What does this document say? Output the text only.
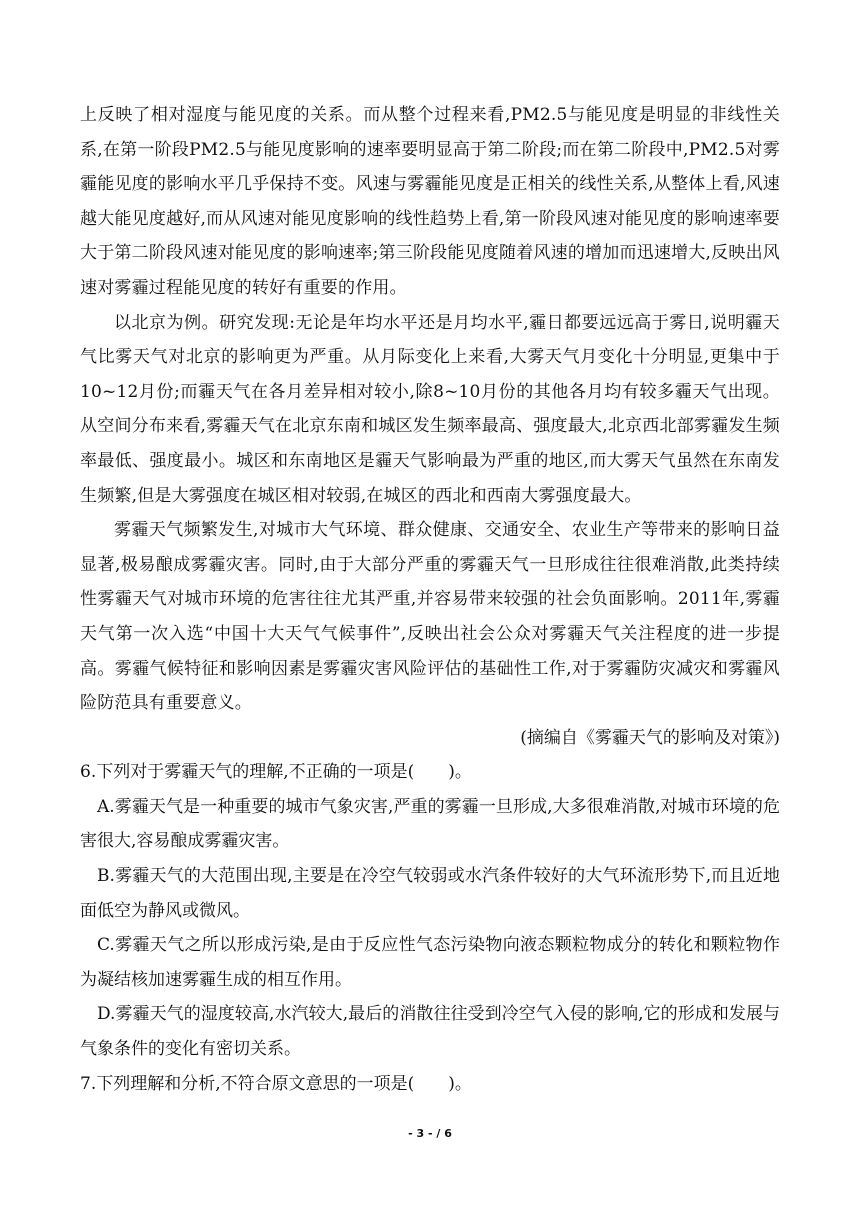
上反映了相对湿度与能见度的关系。而从整个过程来看,PM2.5与能见度是明显的非线性关系,在第一阶段PM2.5与能见度影响的速率要明显高于第二阶段;而在第二阶段中,PM2.5对雾霾能见度的影响水平几乎保持不变。风速与雾霾能见度是正相关的线性关系,从整体上看,风速越大能见度越好,而从风速对能见度影响的线性趋势上看,第一阶段风速对能见度的影响速率要大于第二阶段风速对能见度的影响速率;第三阶段能见度随着风速的增加而迅速增大,反映出风速对雾霾过程能见度的转好有重要的作用。

以北京为例。研究发现:无论是年均水平还是月均水平,霾日都要远远高于雾日,说明霾天气比雾天气对北京的影响更为严重。从月际变化上来看,大雾天气月变化十分明显,更集中于10~12月份;而霾天气在各月差异相对较小,除8~10月份的其他各月均有较多霾天气出现。从空间分布来看,雾霾天气在北京东南和城区发生频率最高、强度最大,北京西北部雾霾发生频率最低、强度最小。城区和东南地区是霾天气影响最为严重的地区,而大雾天气虽然在东南发生频繁,但是大雾强度在城区相对较弱,在城区的西北和西南大雾强度最大。

雾霾天气频繁发生,对城市大气环境、群众健康、交通安全、农业生产等带来的影响日益显著,极易酿成雾霾灾害。同时,由于大部分严重的雾霾天气一旦形成往往很难消散,此类持续性雾霾天气对城市环境的危害往往尤其严重,并容易带来较强的社会负面影响。2011年,雾霾天气第一次入选“中国十大天气气候事件”,反映出社会公众对雾霾天气关注程度的进一步提高。雾霾气候特征和影响因素是雾霾灾害风险评估的基础性工作,对于雾霾防灾减灾和雾霾风险防范具有重要意义。

(摘编自《雾霾天气的影响及对策》)

6.下列对于雾霾天气的理解,不正确的一项是(　　)。

A.雾霾天气是一种重要的城市气象灾害,严重的雾霾一旦形成,大多很难消散,对城市环境的危害很大,容易酿成雾霾灾害。

B.雾霾天气的大范围出现,主要是在冷空气较弱或水汽条件较好的大气环流形势下,而且近地面低空为静风或微风。

C.雾霾天气之所以形成污染,是由于反应性气态污染物向液态颗粒物成分的转化和颗粒物作为凝结核加速雾霾生成的相互作用。

D.雾霾天气的湿度较高,水汽较大,最后的消散往往受到冷空气入侵的影响,它的形成和发展与气象条件的变化有密切关系。

7.下列理解和分析,不符合原文意思的一项是(　　)。

- 3 - / 6
